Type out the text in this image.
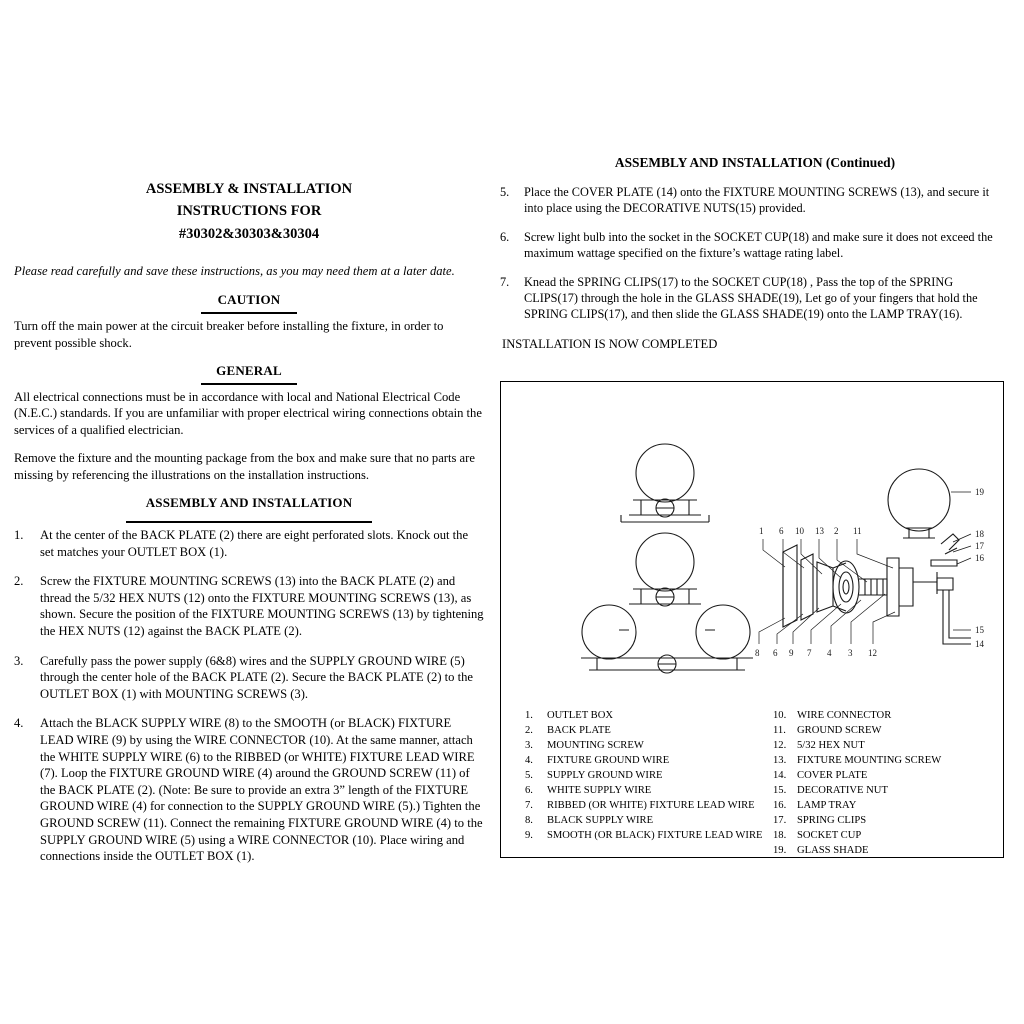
ASSEMBLY & INSTALLATION
INSTRUCTIONS FOR
#30302&30303&30304
Please read carefully and save these instructions, as you may need them at a later date.
CAUTION
Turn off the main power at the circuit breaker before installing the fixture, in order to prevent possible shock.
GENERAL
All electrical connections must be in accordance with local and National Electrical Code (N.E.C.) standards. If you are unfamiliar with proper electrical wiring connections obtain the services of a qualified electrician.
Remove the fixture and the mounting package from the box and make sure that no parts are missing by referencing the illustrations on the installation instructions.
ASSEMBLY AND INSTALLATION
1. At the center of the BACK PLATE (2) there are eight perforated slots. Knock out the set matches your OUTLET BOX (1).
2. Screw the FIXTURE MOUNTING SCREWS (13) into the BACK PLATE (2) and thread the 5/32 HEX NUTS (12) onto the FIXTURE MOUNTING SCREWS (13), as shown. Secure the position of the FIXTURE MOUNTING SCREWS (13) by tightening the HEX NUTS (12) against the BACK PLATE (2).
3. Carefully pass the power supply (6&8) wires and the SUPPLY GROUND WIRE (5) through the center hole of the BACK PLATE (2). Secure the BACK PLATE (2) to the OUTLET BOX (1) with MOUNTING SCREWS (3).
4. Attach the BLACK SUPPLY WIRE (8) to the SMOOTH (or BLACK) FIXTURE LEAD WIRE (9) by using the WIRE CONNECTOR (10). At the same manner, attach the WHITE SUPPLY WIRE (6) to the RIBBED (or WHITE) FIXTURE LEAD WIRE (7). Loop the FIXTURE GROUND WIRE (4) around the GROUND SCREW (11) of the BACK PLATE (2). (Note: Be sure to provide an extra 3” length of the FIXTURE GROUND WIRE (4) for connection to the SUPPLY GROUND WIRE (5).) Tighten the GROUND SCREW (11). Connect the remaining FIXTURE GROUND WIRE (4) to the SUPPLY GROUND WIRE (5) using a WIRE CONNECTOR (10). Place wiring and connections inside the OUTLET BOX (1).
ASSEMBLY AND INSTALLATION (Continued)
5. Place the COVER PLATE (14) onto the FIXTURE MOUNTING SCREWS (13), and secure it into place using the DECORATIVE NUTS(15) provided.
6. Screw light bulb into the socket in the SOCKET CUP(18) and make sure it does not exceed the maximum wattage specified on the fixture’s wattage rating label.
7. Knead the SPRING CLIPS(17) to the SOCKET CUP(18) , Pass the top of the SPRING CLIPS(17) through the hole in the GLASS SHADE(19), Let go of your fingers that hold the SPRING CLIPS(17), and then slide the GLASS SHADE(19) onto the LAMP TRAY(16).
INSTALLATION IS NOW COMPLETED
1 6 10 13 2 11
8 6 9 7 4 3 12
19
18
17
16
15
14
1. OUTLET BOX
2. BACK PLATE
3. MOUNTING SCREW
4. FIXTURE GROUND WIRE
5. SUPPLY GROUND WIRE
6. WHITE SUPPLY WIRE
7. RIBBED (OR WHITE) FIXTURE LEAD WIRE
8. BLACK SUPPLY WIRE
9. SMOOTH (OR BLACK) FIXTURE LEAD WIRE
10. WIRE CONNECTOR
11. GROUND SCREW
12. 5/32 HEX NUT
13. FIXTURE MOUNTING SCREW
14. COVER PLATE
15. DECORATIVE NUT
16. LAMP TRAY
17. SPRING CLIPS
18. SOCKET CUP
19. GLASS SHADE
